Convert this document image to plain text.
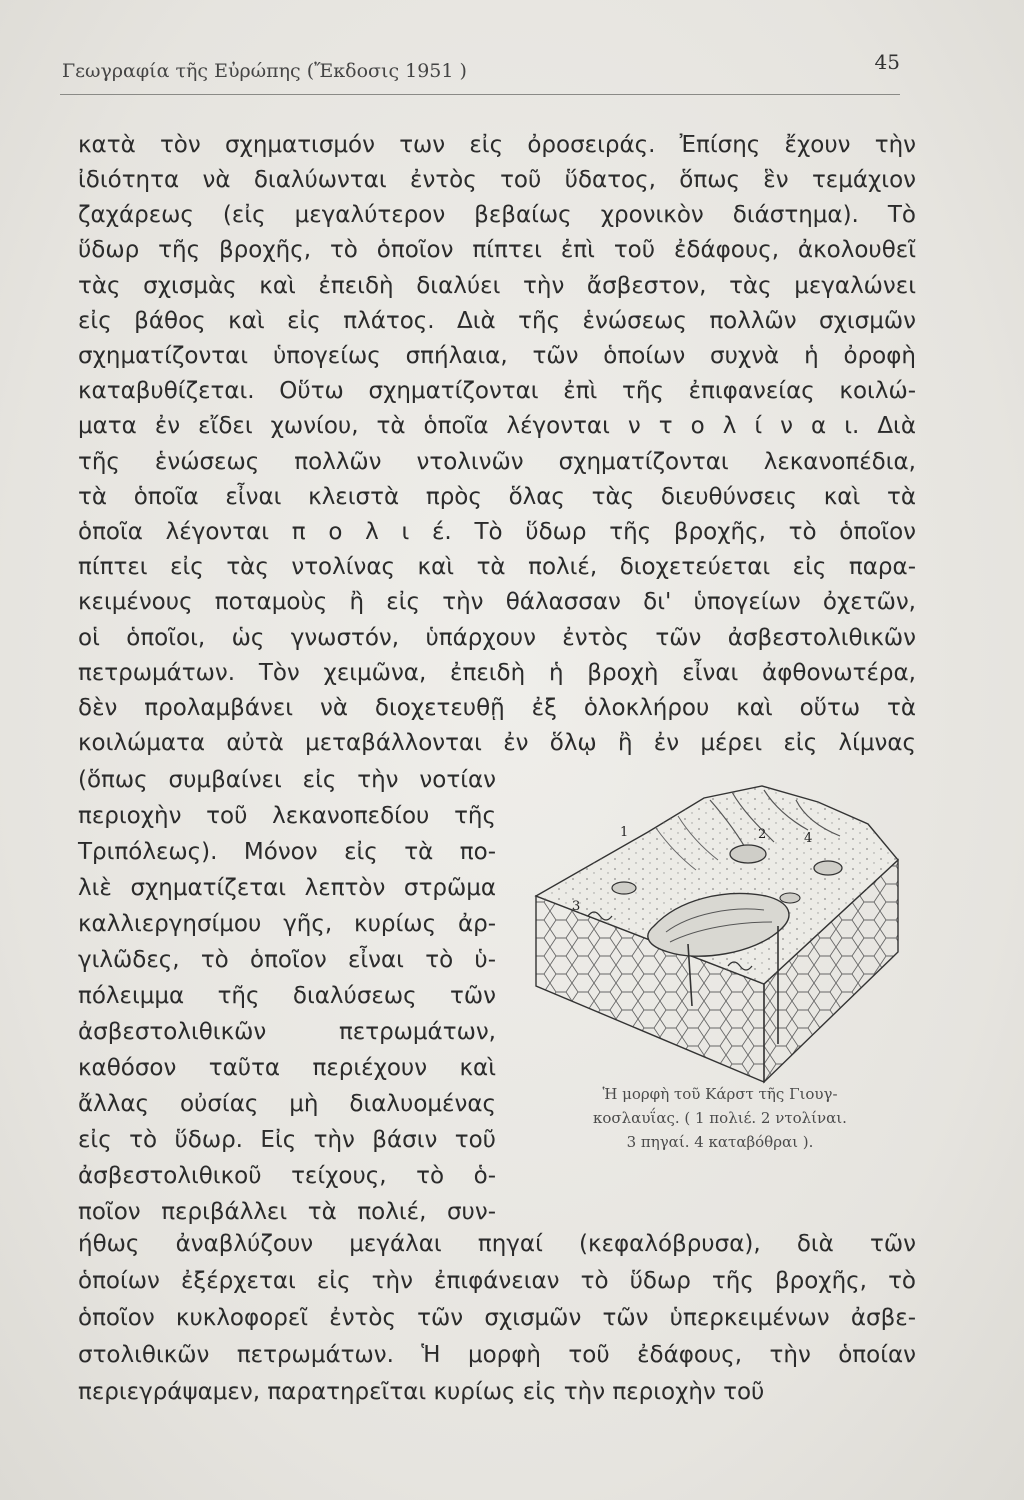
Γεωγραφία τῆς Εὐρώπης (Ἔκδοσις 1951 )	45
κατὰ τὸν σχηματισμόν των εἰς ὀροσειράς. Ἐπίσης ἔχουν τὴν
ἰδιότητα νὰ διαλύωνται ἐντὸς τοῦ ὕδατος, ὅπως ἓν τεμάχιον
ζαχάρεως (εἰς μεγαλύτερον βεβαίως χρονικὸν διάστημα). Τὸ
ὕδωρ τῆς βροχῆς, τὸ ὁποῖον πίπτει ἐπὶ τοῦ ἐδάφους, ἀκολουθεῖ
τὰς σχισμὰς καὶ ἐπειδὴ διαλύει τὴν ἄσβεστον, τὰς μεγαλώνει
εἰς βάθος καὶ εἰς πλάτος. Διὰ τῆς ἑνώσεως πολλῶν σχισμῶν
σχηματίζονται ὑπογείως σπήλαια, τῶν ὁποίων συχνὰ ἡ ὀροφὴ
καταβυθίζεται. Οὕτω σχηματίζονται ἐπὶ τῆς ἐπιφανείας κοιλώ-
ματα ἐν εἴδει χωνίου, τὰ ὁποῖα λέγονται ν τ ο λ ί ν α ι. Διὰ
τῆς ἑνώσεως πολλῶν ντολινῶν σχηματίζονται λεκανοπέδια,
τὰ ὁποῖα εἶναι κλειστὰ πρὸς ὅλας τὰς διευθύνσεις καὶ τὰ
ὁποῖα λέγονται π ο λ ι έ. Τὸ ὕδωρ τῆς βροχῆς, τὸ ὁποῖον
πίπτει εἰς τὰς ντολίνας καὶ τὰ πολιέ, διοχετεύεται εἰς παρα-
κειμένους ποταμοὺς ἢ εἰς τὴν θάλασσαν δι' ὑπογείων ὀχετῶν,
οἱ ὁποῖοι, ὡς γνωστόν, ὑπάρχουν ἐντὸς τῶν ἀσβεστολιθικῶν
πετρωμάτων. Τὸν χειμῶνα, ἐπειδὴ ἡ βροχὴ εἶναι ἀφθονωτέρα,
δὲν προλαμβάνει νὰ διοχετευθῇ ἐξ ὁλοκλήρου καὶ οὕτω τὰ
κοιλώματα αὐτὰ μεταβάλλονται ἐν ὅλῳ ἢ ἐν μέρει εἰς λίμνας
(ὅπως συμβαίνει εἰς τὴν νοτίαν
περιοχὴν τοῦ λεκανοπεδίου τῆς
Τριπόλεως). Μόνον εἰς τὰ πο-
λιὲ σχηματίζεται λεπτὸν στρῶμα
καλλιεργησίμου γῆς, κυρίως ἀρ-
γιλῶδες, τὸ ὁποῖον εἶναι τὸ ὑ-
πόλειμμα τῆς διαλύσεως τῶν
ἀσβεστολιθικῶν πετρωμάτων,
καθόσον ταῦτα περιέχουν καὶ
ἄλλας οὐσίας μὴ διαλυομένας
εἰς τὸ ὕδωρ. Εἰς τὴν βάσιν τοῦ
ἀσβεστολιθικοῦ τείχους, τὸ ὁ-
ποῖον περιβάλλει τὰ πολιέ, συν-
ήθως ἀναβλύζουν μεγάλαι πηγαί (κεφαλόβρυσα), διὰ τῶν
ὁποίων ἐξέρχεται εἰς τὴν ἐπιφάνειαν τὸ ὕδωρ τῆς βροχῆς, τὸ
ὁποῖον κυκλοφορεῖ ἐντὸς τῶν σχισμῶν τῶν ὑπερκειμένων ἀσβε-
στολιθικῶν πετρωμάτων. Ἡ μορφὴ τοῦ ἐδάφους, τὴν ὁποίαν
περιεγράψαμεν, παρατηρεῖται κυρίως εἰς τὴν περιοχὴν τοῦ
1	2
3
4
Ἡ μορφὴ τοῦ Κάρστ τῆς Γιουγ-
κοσλαυΐας. ( 1 πολιέ. 2 ντολίναι.
3 πηγαί. 4 καταβόθραι ).
